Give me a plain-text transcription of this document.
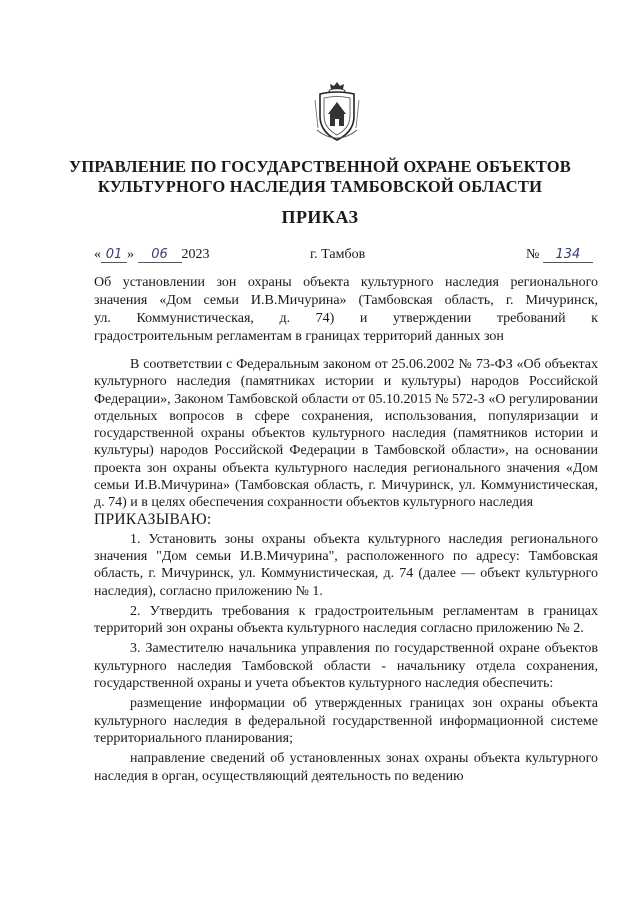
УПРАВЛЕНИЕ ПО ГОСУДАРСТВЕННОЙ ОХРАНЕ ОБЪЕКТОВ
КУЛЬТУРНОГО НАСЛЕДИЯ ТАМБОВСКОЙ ОБЛАСТИ
ПРИКАЗ
« 01 » 06 2023	г. Тамбов	№ 134
Об установлении зон охраны объекта культурного наследия регионального
значения «Дом семьи И.В.Мичурина» (Тамбовская область, г. Мичуринск,
ул. Коммунистическая, д. 74) и утверждении требований к
градостроительным регламентам в границах территорий данных зон

В соответствии с Федеральным законом от 25.06.2002 № 73-ФЗ «Об объектах культурного наследия (памятниках истории и культуры) народов Российской Федерации», Законом Тамбовской области от 05.10.2015 № 572-З «О регулировании отдельных вопросов в сфере сохранения, использования, популяризации и государственной охраны объектов культурного наследия (памятников истории и культуры) народов Российской Федерации в Тамбовской области», на основании проекта зон охраны объекта культурного наследия регионального значения «Дом семьи И.В.Мичурина» (Тамбовская область, г. Мичуринск, ул. Коммунистическая, д. 74) и в целях обеспечения сохранности объектов культурного наследия

ПРИКАЗЫВАЮ:

1. Установить зоны охраны объекта культурного наследия регионального значения "Дом семьи И.В.Мичурина", расположенного по адресу: Тамбовская область, г. Мичуринск, ул. Коммунистическая, д. 74 (далее — объект культурного наследия), согласно приложению № 1.

2. Утвердить требования к градостроительным регламентам в границах территорий зон охраны объекта культурного наследия согласно приложению № 2.

3. Заместителю начальника управления по государственной охране объектов культурного наследия Тамбовской области - начальнику отдела сохранения, государственной охраны и учета объектов культурного наследия обеспечить:

размещение информации об утвержденных границах зон охраны объекта культурного наследия в федеральной государственной информационной системе территориального планирования;

направление сведений об установленных зонах охраны объекта культурного наследия в орган, осуществляющий деятельность по ведению
